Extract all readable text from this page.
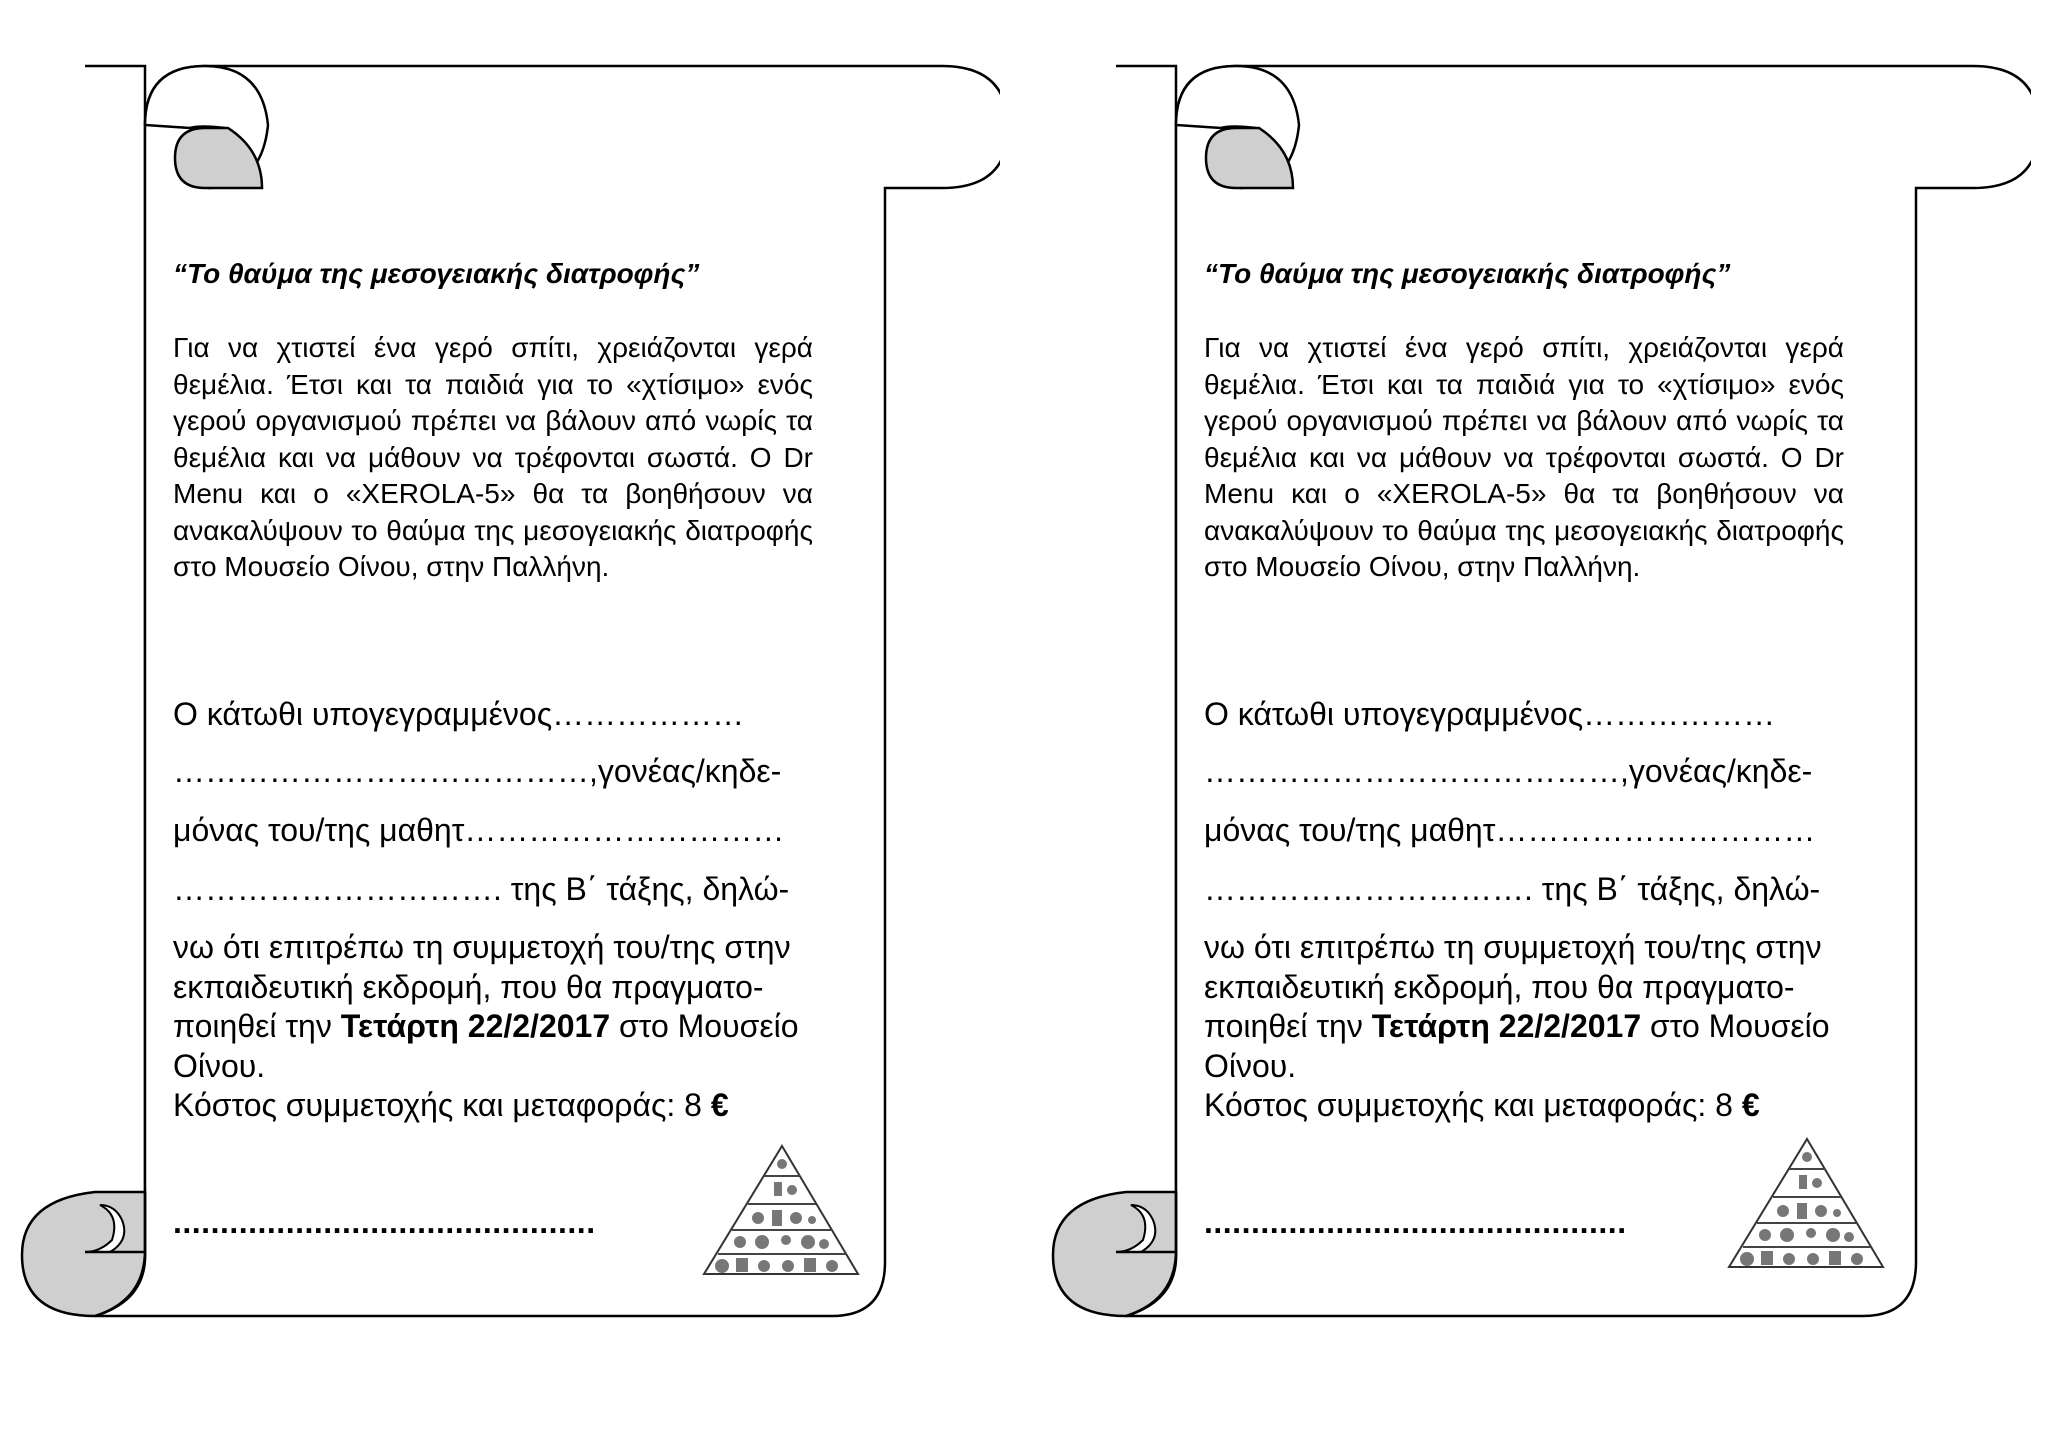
“Το θαύμα της μεσογειακής διατροφής”

Για να χτιστεί ένα γερό σπίτι, χρειάζονται γερά θεμέλια. Έτσι και τα παιδιά για το «χτίσιμο» ενός γερού οργανισμού πρέπει να βάλουν από νωρίς τα θεμέλια και να μάθουν να τρέφονται σωστά. Ο Dr Menu και ο «XEROLA-5» θα τα βοηθήσουν να ανακαλύψουν το θαύμα της μεσογειακής διατροφής στο Μουσείο Οίνου, στην Παλλήνη.

Ο κάτωθι υπογεγραμμένος………………
…………………………………,γονέας/κηδε-
μόνας του/της μαθητ…………………………
…………………………. της Β΄ τάξης, δηλώ-

νω ότι επιτρέπω τη συμμετοχή του/της στην εκπαιδευτική εκδρομή, που θα πραγματο-ποιηθεί την Τετάρτη 22/2/2017 στο Μουσείο Οίνου.
Κόστος συμμετοχής και μεταφοράς: 8 €

.............................................
“Το θαύμα της μεσογειακής διατροφής”

Για να χτιστεί ένα γερό σπίτι, χρειάζονται γερά θεμέλια. Έτσι και τα παιδιά για το «χτίσιμο» ενός γερού οργανισμού πρέπει να βάλουν από νωρίς τα θεμέλια και να μάθουν να τρέφονται σωστά. Ο Dr Menu και ο «XEROLA-5» θα τα βοηθήσουν να ανακαλύψουν το θαύμα της μεσογειακής διατροφής στο Μουσείο Οίνου, στην Παλλήνη.

Ο κάτωθι υπογεγραμμένος………………
…………………………………,γονέας/κηδε-
μόνας του/της μαθητ…………………………
…………………………. της Β΄ τάξης, δηλώ-

νω ότι επιτρέπω τη συμμετοχή του/της στην εκπαιδευτική εκδρομή, που θα πραγματο-ποιηθεί την Τετάρτη 22/2/2017 στο Μουσείο Οίνου.
Κόστος συμμετοχής και μεταφοράς: 8 €

.............................................
